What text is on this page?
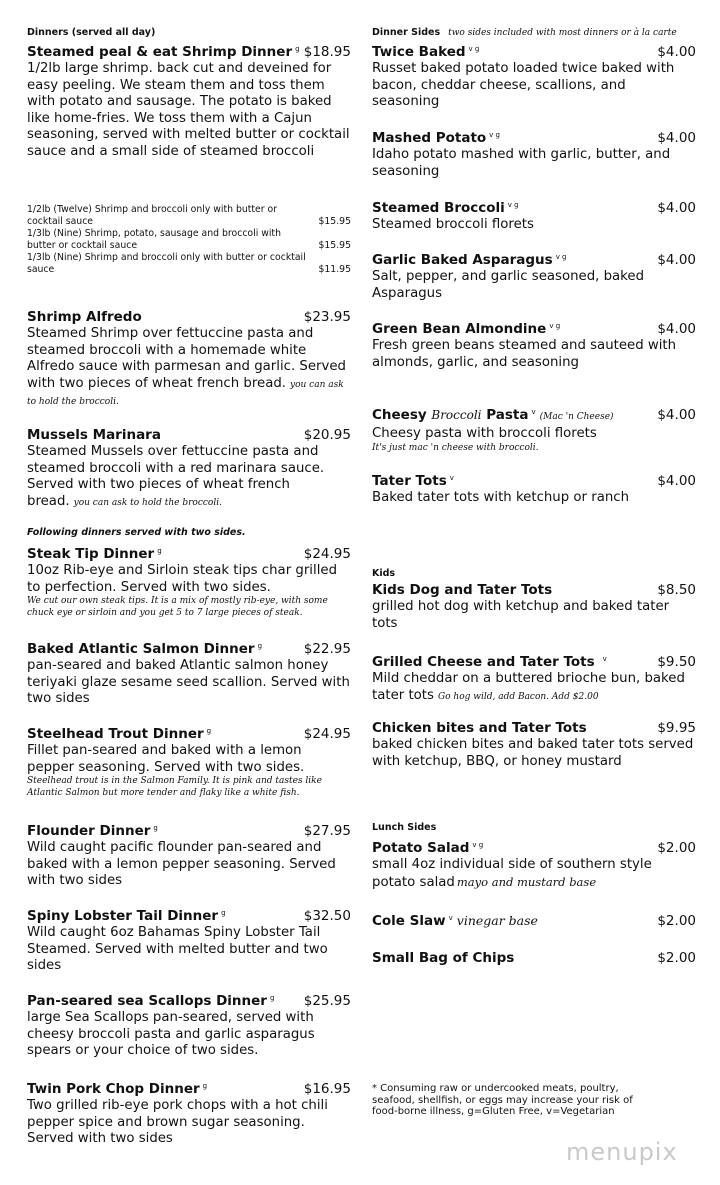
Dinners (served all day)
Steamed peal & eat Shrimp Dinner $^g$ $18.95
1/2lb large shrimp. back cut and deveined for easy peeling. We steam them and toss them with potato and sausage. The potato is baked like home-fries. We toss them with a Cajun seasoning, served with melted butter or cocktail sauce and a small side of steamed broccoli
1/2lb (Twelve) Shrimp and broccoli only with butter or cocktail sauce	$15.95
1/3lb (Nine) Shrimp, potato, sausage and broccoli with butter or cocktail sauce	$15.95
1/3lb (Nine) Shrimp and broccoli only with butter or cocktail sauce	$11.95
Shrimp Alfredo	$23.95
Steamed Shrimp over fettuccine pasta and steamed broccoli with a homemade white Alfredo sauce with parmesan and garlic. Served with two pieces of wheat french bread. you can ask to hold the broccoli.
Mussels Marinara	$20.95
Steamed Mussels over fettuccine pasta and steamed broccoli with a red marinara sauce. Served with two pieces of wheat french bread. you can ask to hold the broccoli.
Following dinners served with two sides.
Steak Tip Dinner $^g$	$24.95
10oz Rib-eye and Sirloin steak tips char grilled to perfection. Served with two sides.
We cut our own steak tips. It is a mix of mostly rib-eye, with some chuck eye or sirloin and you get 5 to 7 large pieces of steak.
Baked Atlantic Salmon Dinner $^g$	$22.95
pan-seared and baked Atlantic salmon honey teriyaki glaze sesame seed scallion. Served with two sides
Steelhead Trout Dinner $^g$	$24.95
Fillet pan-seared and baked with a lemon pepper seasoning. Served with two sides.
Steelhead trout is in the Salmon Family. It is pink and tastes like Atlantic Salmon but more tender and flaky like a white fish.
Flounder Dinner $^g$	$27.95
Wild caught pacific flounder pan-seared and baked with a lemon pepper seasoning. Served with two sides
Spiny Lobster Tail Dinner $^g$	$32.50
Wild caught 6oz Bahamas Spiny Lobster Tail Steamed. Served with melted butter and two sides
Pan-seared sea Scallops Dinner $^g$ $25.95
large Sea Scallops pan-seared, served with cheesy broccoli pasta and garlic asparagus spears or your choice of two sides.
Twin Pork Chop Dinner $^g$	$16.95
Two grilled rib-eye pork chops with a hot chili pepper spice and brown sugar seasoning. Served with two sides
Dinner Sides two sides included with most dinners or à la carte
Twice Baked $^{v g}$	$4.00
Russet baked potato loaded twice baked with bacon, cheddar cheese, scallions, and seasoning
Mashed Potato $^{v g}$	$4.00
Idaho potato mashed with garlic, butter, and seasoning
Steamed Broccoli $^{v g}$	$4.00
Steamed broccoli florets
Garlic Baked Asparagus $^{v g}$	$4.00
Salt, pepper, and garlic seasoned, baked Asparagus
Green Bean Almondine $^{v g}$	$4.00
Fresh green beans steamed and sauteed with almonds, garlic, and seasoning
Cheesy Broccoli Pasta $^v$ (Mac 'n Cheese)	$4.00
Cheesy pasta with broccoli florets
It's just mac 'n cheese with broccoli.
Tater Tots $^v$	$4.00
Baked tater tots with ketchup or ranch
Kids
Kids Dog and Tater Tots	$8.50
grilled hot dog with ketchup and baked tater tots
Grilled Cheese and Tater Tots $^v$	$9.50
Mild cheddar on a buttered brioche bun, baked tater tots Go hog wild, add Bacon. Add $2.00
Chicken bites and Tater Tots	$9.95
baked chicken bites and baked tater tots served with ketchup, BBQ, or honey mustard
Lunch Sides
Potato Salad $^{v g}$	$2.00
small 4oz individual side of southern style potato salad mayo and mustard base
Cole Slaw $^v$ vinegar base	$2.00
Small Bag of Chips	$2.00
* Consuming raw or undercooked meats, poultry, seafood, shellfish, or eggs may increase your risk of food-borne illness, g=Gluten Free, v=Vegetarian
menupix
